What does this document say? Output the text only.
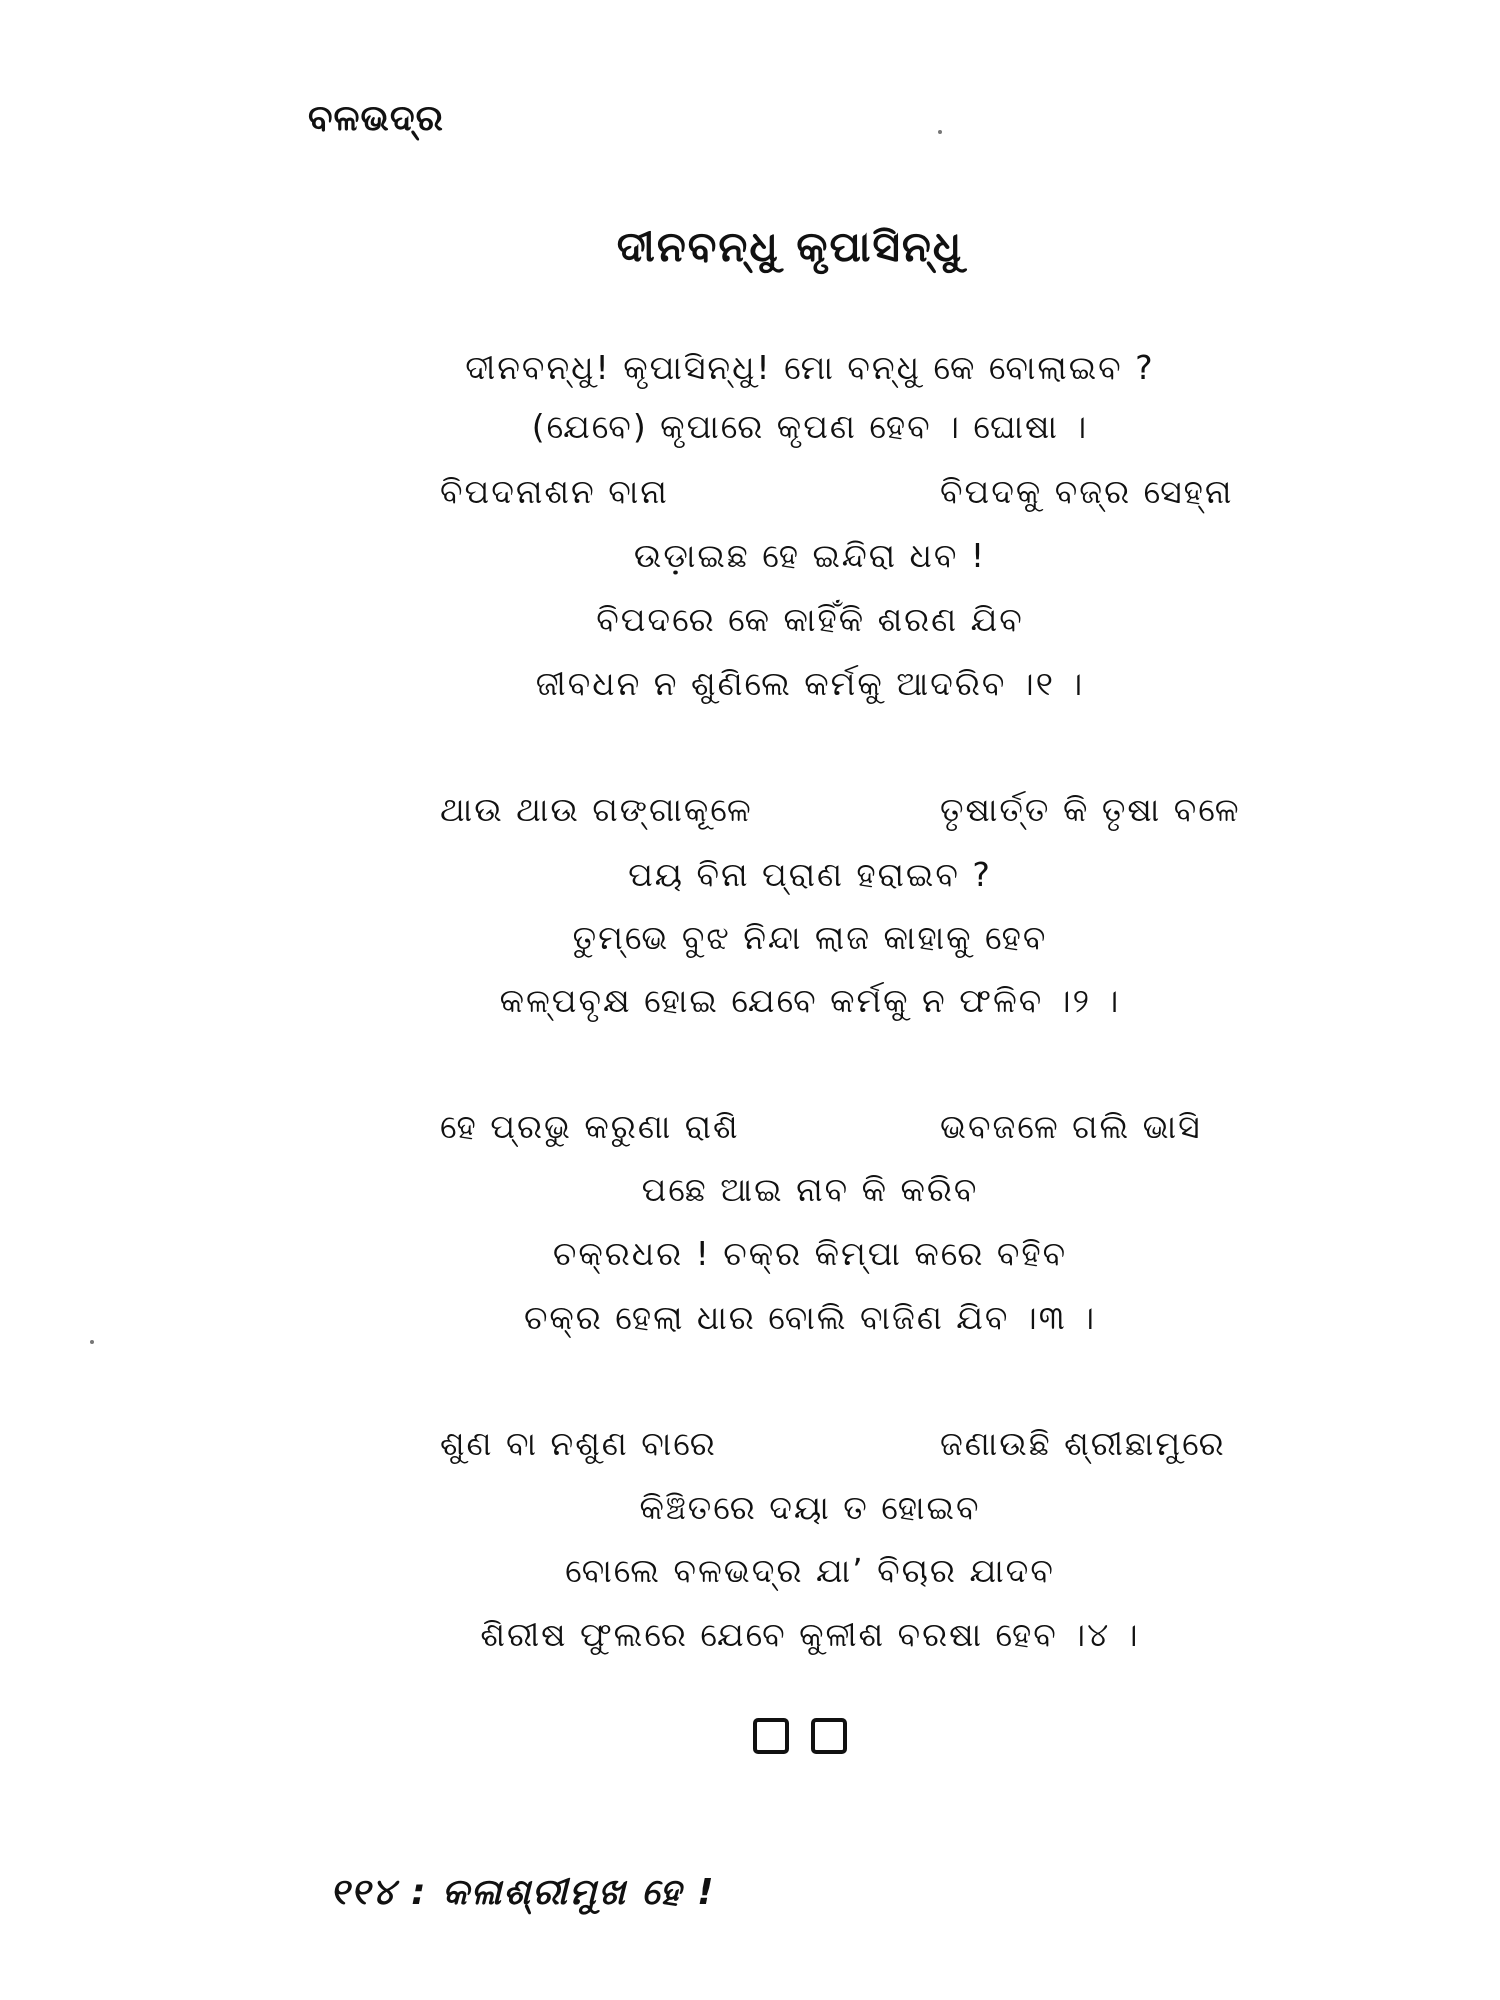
ବଳଭଦ୍ର
ଦୀନବନ୍ଧୁ କୃପାସିନ୍ଧୁ
ଦୀନବନ୍ଧୁ! କୃପାସିନ୍ଧୁ! ମୋ ବନ୍ଧୁ କେ ବୋଲାଇବ ?
(ଯେବେ) କୃପାରେ କୃପଣ ହେବ । ଘୋଷା ।
ବିପଦନାଶନ ବାନା	ବିପଦକୁ ବଜ୍ର ସେହ୍ନା
ଉଡ଼ାଇଛ ହେ ଇନ୍ଦିରା ଧବ !
ବିପଦରେ କେ କାହିଁକି ଶରଣ ଯିବ
ଜୀବଧନ ନ ଶୁଣିଲେ କର୍ମକୁ ଆଦରିବ ।୧ ।
ଥାଉ ଥାଉ ଗଙ୍ଗାକୂଳେ	ତୃଷାର୍ତ୍ତ କି ତୃଷା ବଳେ
ପୟ ବିନା ପ୍ରାଣ ହରାଇବ ?
ତୁମ୍ଭେ ବୁଝ ନିନ୍ଦା ଲାଜ କାହାକୁ ହେବ
କଳ୍ପବୃକ୍ଷ ହୋଇ ଯେବେ କର୍ମକୁ ନ ଫଳିବ ।୨ ।
ହେ ପ୍ରଭୁ କରୁଣା ରାଶି	ଭବଜଳେ ଗଲି ଭାସି
ପଛେ ଆଇ ନାବ କି କରିବ
ଚକ୍ରଧର ! ଚକ୍ର କିମ୍ପା କରେ ବହିବ
ଚକ୍ର ହେଲା ଧାର ବୋଲି ବାଜିଣ ଯିବ ।୩ ।
ଶୁଣ ବା ନଶୁଣ ବାରେ	ଜଣାଉଛି ଶ୍ରୀଛାମୁରେ
କିଞ୍ଚିତରେ ଦୟା ତ ହୋଇବ
ବୋଲେ ବଳଭଦ୍ର ଯା’ ବିଚାର ଯାଦବ
ଶିରୀଷ ଫୁଲରେ ଯେବେ କୁଳୀଶ ବରଷା ହେବ ।୪ ।
୧୧୪ : କଳାଶ୍ରୀମୁଖ ହେ !
